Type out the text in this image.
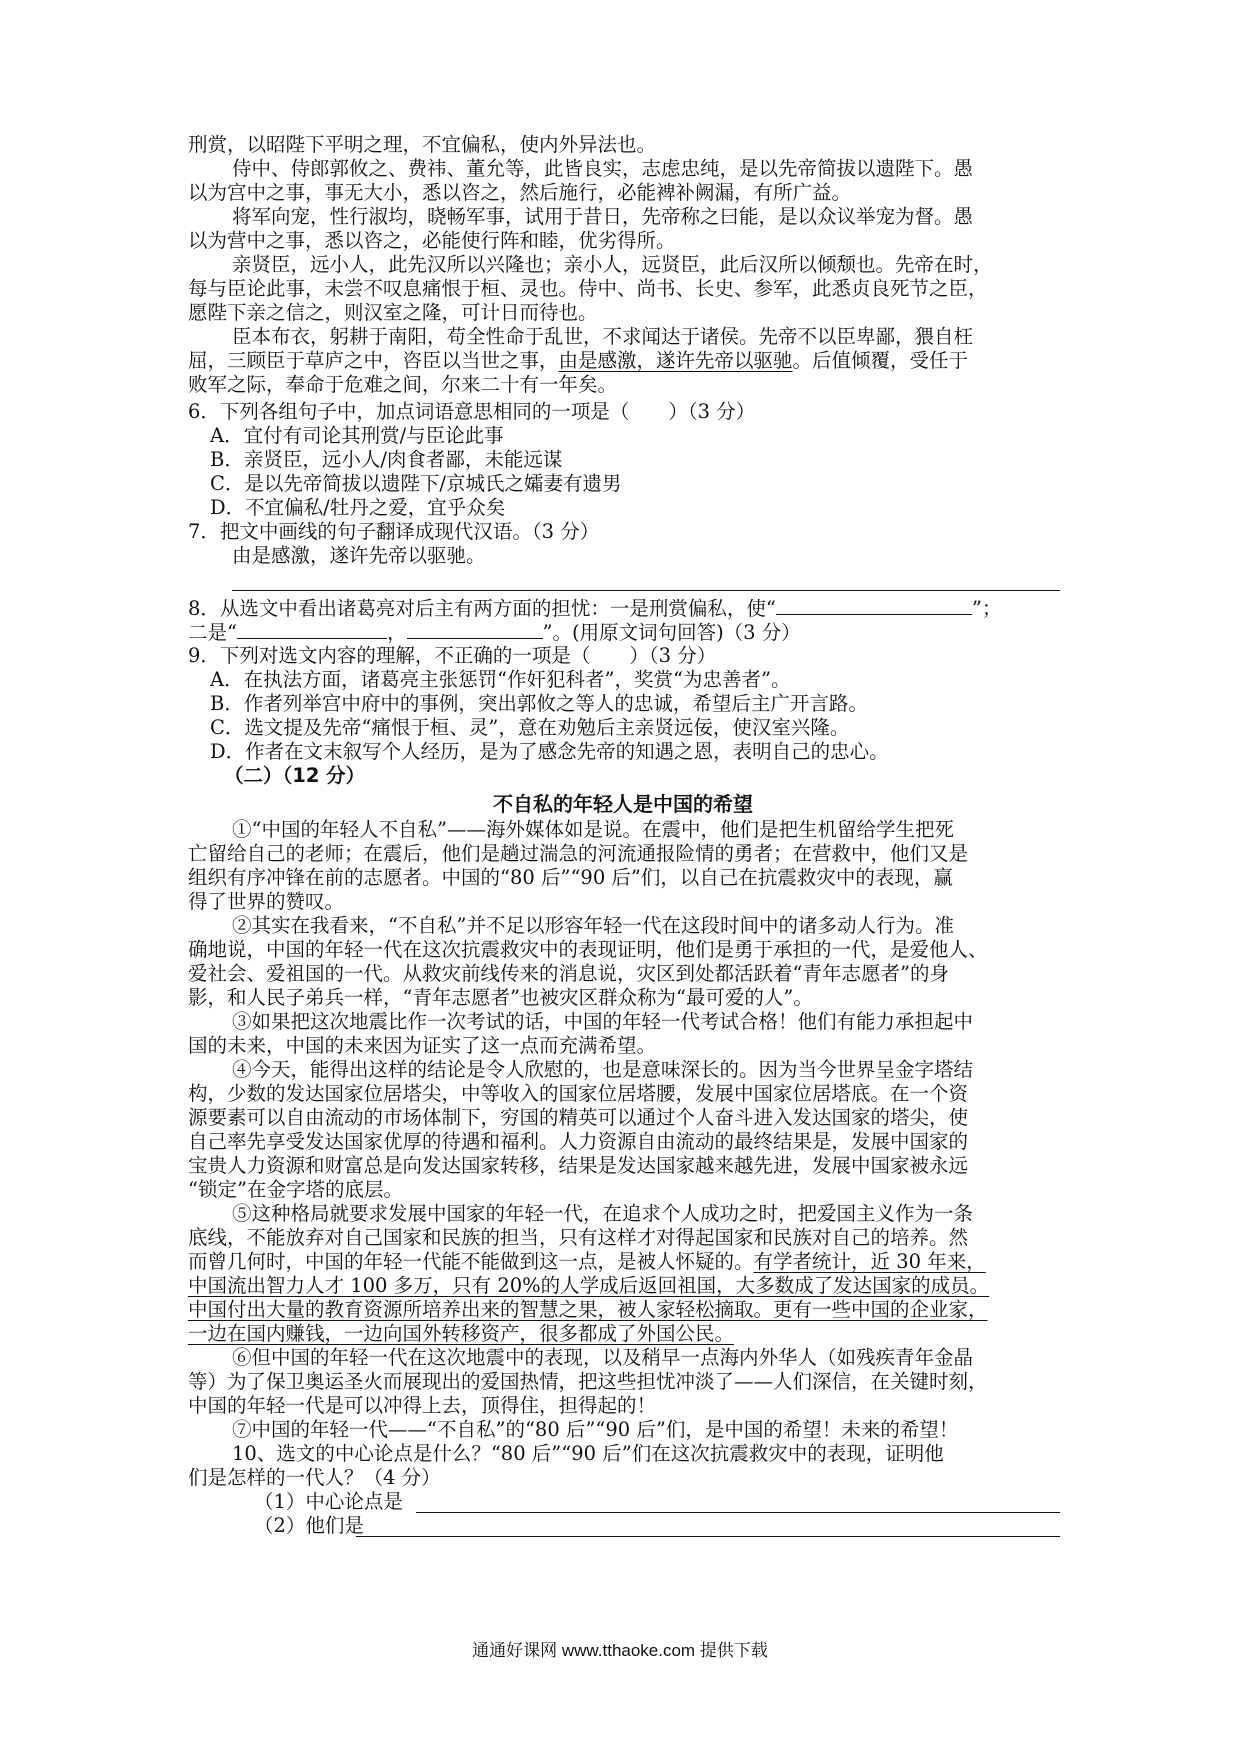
刑赏，以昭陛下平明之理，不宜偏私，使内外异法也。
侍中、侍郎郭攸之、费祎、董允等，此皆良实，志虑忠纯，是以先帝简拔以遗陛下。愚
以为宫中之事，事无大小，悉以咨之，然后施行，必能裨补阙漏，有所广益。
将军向宠，性行淑均，晓畅军事，试用于昔日，先帝称之曰能，是以众议举宠为督。愚
以为营中之事，悉以咨之，必能使行阵和睦，优劣得所。
亲贤臣，远小人，此先汉所以兴隆也；亲小人，远贤臣，此后汉所以倾颓也。先帝在时，
每与臣论此事，未尝不叹息痛恨于桓、灵也。侍中、尚书、长史、参军，此悉贞良死节之臣，
愿陛下亲之信之，则汉室之隆，可计日而待也。
臣本布衣，躬耕于南阳，苟全性命于乱世，不求闻达于诸侯。先帝不以臣卑鄙，猥自枉
屈，三顾臣于草庐之中，咨臣以当世之事，由是感激，遂许先帝以驱驰。后值倾覆，受任于
败军之际，奉命于危难之间，尔来二十有一年矣。
6．下列各组句子中，加点词语意思相同的一项是（　　）（3 分）
A．宜付有司论其刑赏/与臣论此事
B．亲贤臣，远小人/肉食者鄙，未能远谋
C．是以先帝简拔以遗陛下/京城氏之孀妻有遗男
D．不宜偏私/牡丹之爱，宜乎众矣
7．把文中画线的句子翻译成现代汉语。（3 分）
由是感激，遂许先帝以驱驰。
8．从选文中看出诸葛亮对后主有两方面的担忧：一是刑赏偏私，使“	”；
二是“	，	”。(用原文词句回答)（3 分）
9．下列对选文内容的理解，不正确的一项是（　　）（3 分）
A．在执法方面，诸葛亮主张惩罚“作奸犯科者”，奖赏“为忠善者”。
B．作者列举宫中府中的事例，突出郭攸之等人的忠诚，希望后主广开言路。
C．选文提及先帝“痛恨于桓、灵”，意在劝勉后主亲贤远佞，使汉室兴隆。
D．作者在文末叙写个人经历，是为了感念先帝的知遇之恩，表明自己的忠心。
（二）（12 分）
不自私的年轻人是中国的希望
①“中国的年轻人不自私”——海外媒体如是说。在震中，他们是把生机留给学生把死
亡留给自己的老师；在震后，他们是趟过湍急的河流通报险情的勇者；在营救中，他们又是
组织有序冲锋在前的志愿者。中国的“80 后”“90 后”们，以自己在抗震救灾中的表现，赢
得了世界的赞叹。
②其实在我看来，“不自私”并不足以形容年轻一代在这段时间中的诸多动人行为。准
确地说，中国的年轻一代在这次抗震救灾中的表现证明，他们是勇于承担的一代，是爱他人、
爱社会、爱祖国的一代。从救灾前线传来的消息说，灾区到处都活跃着“青年志愿者”的身
影，和人民子弟兵一样，“青年志愿者”也被灾区群众称为“最可爱的人”。
③如果把这次地震比作一次考试的话，中国的年轻一代考试合格！他们有能力承担起中
国的未来，中国的未来因为证实了这一点而充满希望。
④今天，能得出这样的结论是令人欣慰的，也是意味深长的。因为当今世界呈金字塔结
构，少数的发达国家位居塔尖，中等收入的国家位居塔腰，发展中国家位居塔底。在一个资
源要素可以自由流动的市场体制下，穷国的精英可以通过个人奋斗进入发达国家的塔尖，使
自己率先享受发达国家优厚的待遇和福利。人力资源自由流动的最终结果是，发展中国家的
宝贵人力资源和财富总是向发达国家转移，结果是发达国家越来越先进，发展中国家被永远
“锁定”在金字塔的底层。
⑤这种格局就要求发展中国家的年轻一代，在追求个人成功之时，把爱国主义作为一条
底线，不能放弃对自己国家和民族的担当，只有这样才对得起国家和民族对自己的培养。然
而曾几何时，中国的年轻一代能不能做到这一点，是被人怀疑的。有学者统计，近 30 年来，
中国流出智力人才 100 多万，只有 20%的人学成后返回祖国，大多数成了发达国家的成员。
中国付出大量的教育资源所培养出来的智慧之果，被人家轻松摘取。更有一些中国的企业家，
一边在国内赚钱，一边向国外转移资产，很多都成了外国公民。
⑥但中国的年轻一代在这次地震中的表现，以及稍早一点海内外华人（如残疾青年金晶
等）为了保卫奥运圣火而展现出的爱国热情，把这些担忧冲淡了——人们深信，在关键时刻，
中国的年轻一代是可以冲得上去，顶得住，担得起的！
⑦中国的年轻一代——“不自私”的“80 后”“90 后”们，是中国的希望！未来的希望！
10、选文的中心论点是什么？“80 后”“90 后”们在这次抗震救灾中的表现，证明他
们是怎样的一代人？（4 分）
（1）中心论点是
（2）他们是
通通好课网 www.tthaoke.com 提供下载
